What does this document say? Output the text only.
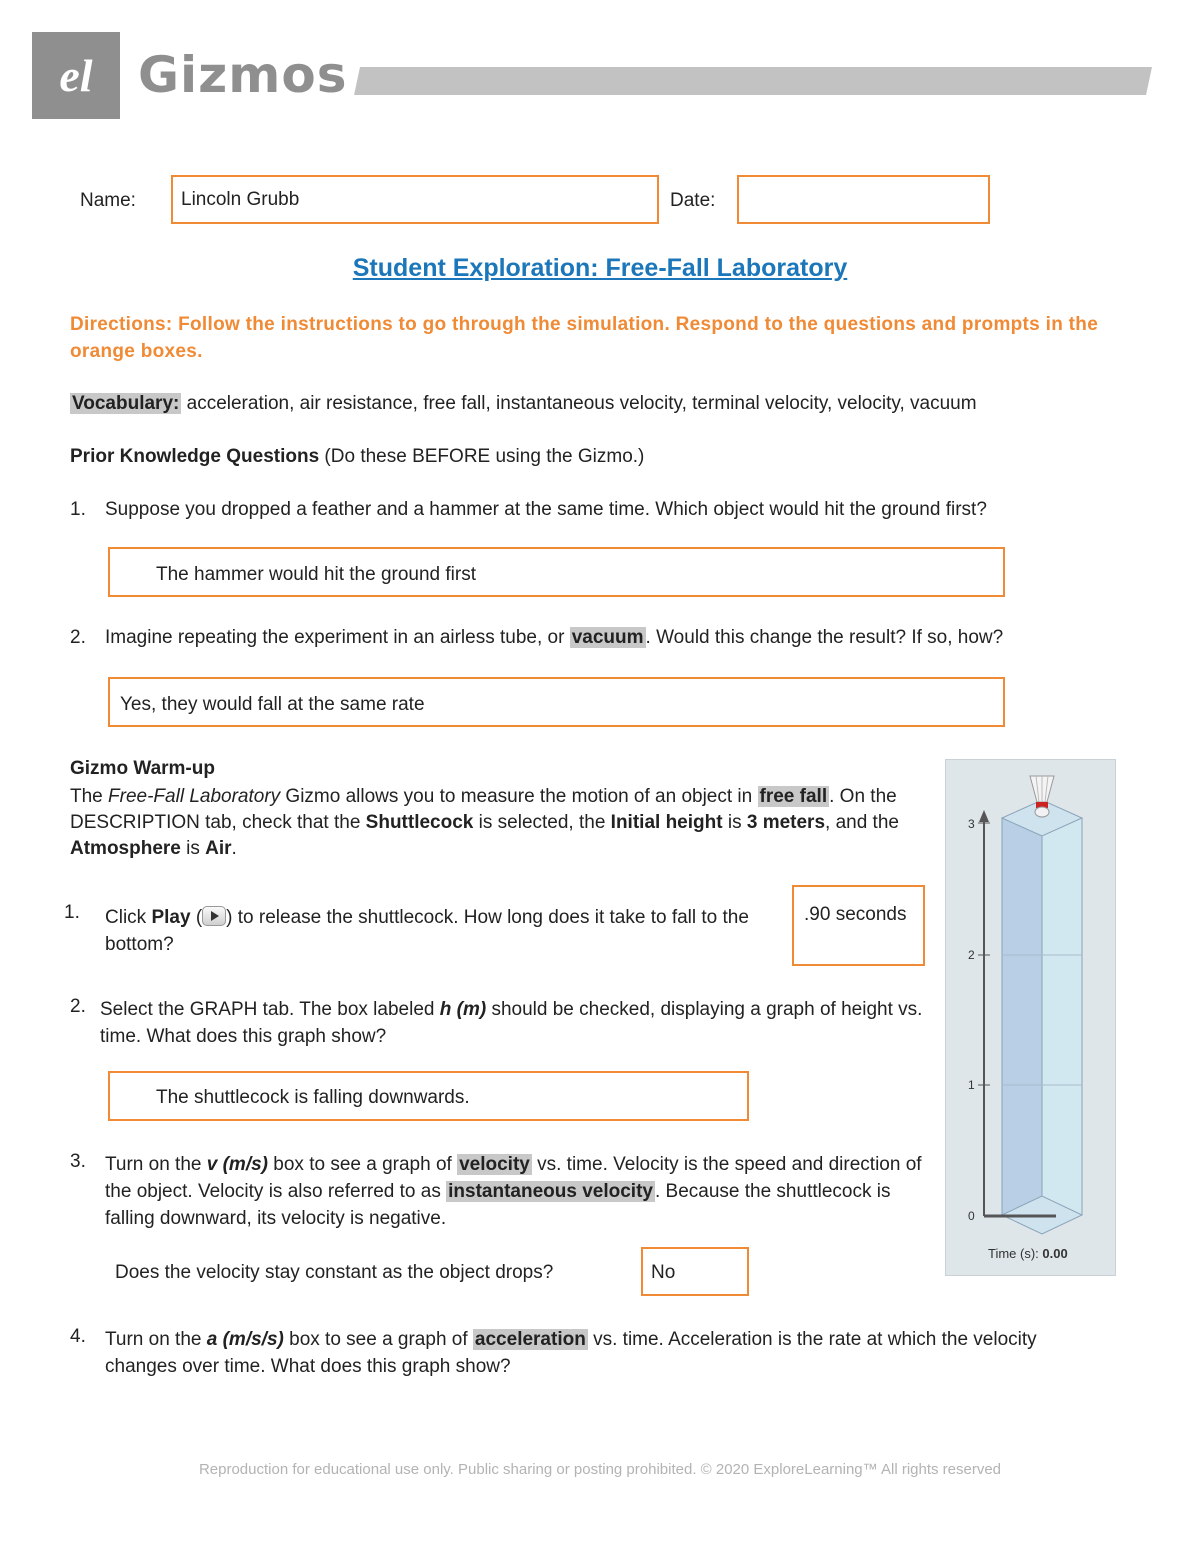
el Gizmos
Name:	Lincoln Grubb	Date:
Student Exploration: Free-Fall Laboratory
Directions: Follow the instructions to go through the simulation. Respond to the questions and prompts in the orange boxes.
Vocabulary: acceleration, air resistance, free fall, instantaneous velocity, terminal velocity, velocity, vacuum
Prior Knowledge Questions (Do these BEFORE using the Gizmo.)
1. Suppose you dropped a feather and a hammer at the same time. Which object would hit the ground first?
The hammer would hit the ground first
2. Imagine repeating the experiment in an airless tube, or vacuum . Would this change the result? If so, how?
Yes, they would fall at the same rate
Gizmo Warm-up
The Free-Fall Laboratory Gizmo allows you to measure the motion of an object in free fall . On the DESCRIPTION tab, check that the Shuttlecock is selected, the Initial height is 3 meters, and the Atmosphere is Air.
1. Click Play ( ) to release the shuttlecock. How long does it take to fall to the bottom?
.90 seconds
2. Select the GRAPH tab. The box labeled h (m) should be checked, displaying a graph of height vs. time. What does this graph show?
The shuttlecock is falling downwards.
3. Turn on the v (m/s) box to see a graph of velocity vs. time. Velocity is the speed and direction of the object. Velocity is also referred to as instantaneous velocity . Because the shuttlecock is falling downward, its velocity is negative.
Does the velocity stay constant as the object drops?	No
4. Turn on the a (m/s/s) box to see a graph of acceleration vs. time. Acceleration is the rate at which the velocity changes over time. What does this graph show?
3
2
1
0
Time (s): 0.00
Reproduction for educational use only. Public sharing or posting prohibited. © 2020 ExploreLearning™ All rights reserved
